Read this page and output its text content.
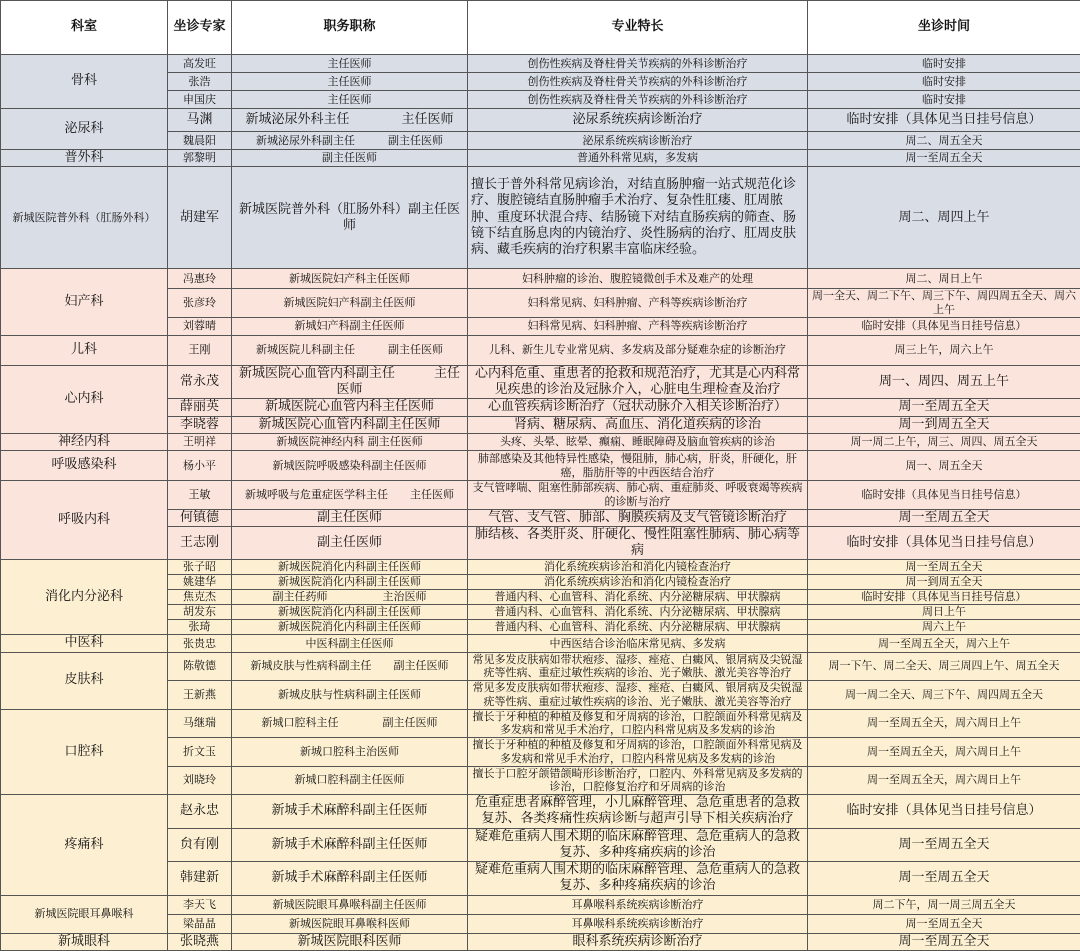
科室	坐诊专家	职务职称	专业特长	坐诊时间
骨科	高发旺	主任医师	创伤性疾病及脊柱骨关节疾病的外科诊断治疗	临时安排
	张浩	主任医师	创伤性疾病及脊柱骨关节疾病的外科诊断治疗	临时安排
	申国庆	主任医师	创伤性疾病及脊柱骨关节疾病的外科诊断治疗	临时安排
泌尿科	马渊	新城泌尿外科主任　　　　主任医师	泌尿系统疾病诊断治疗	临时安排（具体见当日挂号信息）
	魏晨阳	新城泌尿外科副主任　　　副主任医师	泌尿系统疾病诊断治疗	周二、周五全天
普外科	郭黎明	副主任医师	普通外科常见病，多发病	周一至周五全天
新城医院普外科（肛肠外科）	胡建军	新城医院普外科（肛肠外科）副主任医师	擅长于普外科常见病诊治，对结直肠肿瘤一站式规范化诊疗、腹腔镜结直肠肿瘤手术治疗、复杂性肛瘘、肛周脓肿、重度环状混合痔、结肠镜下对结直肠疾病的筛查、肠镜下结直肠息肉的内镜治疗、炎性肠病的治疗、肛周皮肤病、藏毛疾病的治疗积累丰富临床经验。	周二、周四上午
妇产科	冯惠玲	新城医院妇产科主任医师	妇科肿瘤的诊治、腹腔镜微创手术及难产的处理	周二、周日上午
	张彦玲	新城医院妇产科副主任医师	妇科常见病、妇科肿瘤、产科等疾病诊断治疗	周一全天、周二下午、周三下午、周四周五全天、周六上午
	刘蓉晴	新城妇产科副主任医师	妇科常见病、妇科肿瘤、产科等疾病诊断治疗	临时安排（具体见当日挂号信息）
儿科	王刚	新城医院儿科副主任　　　副主任医师	儿科、新生儿专业常见病、多发病及部分疑难杂症的诊断治疗	周三上午，周六上午
心内科	常永茂	新城医院心血管内科副主任　　　主任医师	心内科危重、重患者的抢救和规范治疗，尤其是心内科常见疾患的诊治及冠脉介入，心脏电生理检查及治疗	周一、周四、周五上午
	薛丽英	新城医院心血管内科主任医师	心血管疾病诊断治疗（冠状动脉介入相关诊断治疗）	周一至周五全天
	李晓蓉	新城医院心血管内科副主任医师	肾病、糖尿病、高血压、消化道疾病的诊治	周一到周五全天
神经内科	王明祥	新城医院神经内科 副主任医师	头疼、头晕、眩晕、癫痫、睡眠障碍及脑血管疾病的诊治	周一周二上午，周三、周四、周五全天
呼吸感染科	杨小平	新城医院呼吸感染科副主任医师	肺部感染及其他特异性感染，慢阻肺，肺心病，肝炎，肝硬化，肝癌，脂肪肝等的中西医结合治疗	周一、周五全天
呼吸内科	王敏	新城呼吸与危重症医学科主任　　主任医师	支气管哮喘、阻塞性肺部疾病、肺心病、重症肺炎、呼吸衰竭等疾病的诊断与治疗	临时安排（具体见当日挂号信息）
	何镇德	副主任医师	气管、支气管、肺部、胸膜疾病及支气管镜诊断治疗	周一至周五全天
	王志刚	副主任医师	肺结核、各类肝炎、肝硬化、慢性阻塞性肺病、肺心病等病	临时安排（具体见当日挂号信息）
消化内分泌科	张子昭	新城医院消化内科副主任医师	消化系统疾病诊治和消化内镜检查治疗	周一至周五全天
	姚建华	新城医院消化内科副主任医师	消化系统疾病诊治和消化内镜检查治疗	周一到周五全天
	焦克杰	副主任药师　　　　　主治医师	普通内科、心血管科、消化系统、内分泌糖尿病、甲状腺病	临时安排（具体见当日挂号信息）
	胡发东	新城医院消化内科副主任医师	普通内科、心血管科、消化系统、内分泌糖尿病、甲状腺病	周日上午
	张琦	新城医院消化内科副主任医师	普通内科、心血管科、消化系统、内分泌糖尿病、甲状腺病	周六上午
中医科	张贵忠	中医科副主任医师	中西医结合诊治临床常见病、多发病	周一至周五全天，周六上午
皮肤科	陈敬德	新城皮肤与性病科副主任　　副主任医师	常见多发皮肤病如带状疱疹、湿疹、痤疮、白癜风、银屑病及尖锐湿疣等性病、重症过敏性疾病的诊治、光子嫩肤、激光美容等治疗	周一下午、周二全天、周三周四上午、周五全天
	王新燕	新城皮肤与性病科副主任医师	常见多发皮肤病如带状疱疹、湿疹、痤疮、白癜风、银屑病及尖锐湿疣等性病、重症过敏性疾病的诊治、光子嫩肤、激光美容等治疗	周一周二全天、周三下午、周四周五全天
口腔科	马继瑞	新城口腔科主任　　　　副主任医师	擅长于牙种植的种植及修复和牙周病的诊治，口腔颌面外科常见病及多发病和常见手术治疗，口腔内科常见病及多发病的诊治	周一至周五全天，周六周日上午
	折文玉	新城口腔科主治医师	擅长于牙种植的种植及修复和牙周病的诊治，口腔颌面外科常见病及多发病和常见手术治疗，口腔内科常见病及多发病的诊治	周一至周五全天，周六周日上午
	刘晓玲	新城口腔科副主任医师	擅长于口腔牙颌错颌畸形诊断治疗，口腔内、外科常见病及多发病的诊治，口腔修复治疗和牙周病的诊治	周一至周五全天，周六周日上午
疼痛科	赵永忠	新城手术麻醉科副主任医师	危重症患者麻醉管理，小儿麻醉管理、急危重患者的急救复苏、各类疼痛性疾病诊断与超声引导下相关疾病治疗	临时安排（具体见当日挂号信息）
	贠有刚	新城手术麻醉科副主任医师	疑难危重病人围术期的临床麻醉管理、急危重病人的急救复苏、多种疼痛疾病的诊治	周一至周五全天
	韩建新	新城手术麻醉科副主任医师	疑难危重病人围术期的临床麻醉管理、急危重病人的急救复苏、多种疼痛疾病的诊治	周一至周五全天
新城医院眼耳鼻喉科	李天飞	新城医院眼耳鼻喉科副主任医师	耳鼻喉科系统疾病诊断治疗	周二下午，周一周三周五全天
	梁晶晶	新城医院眼耳鼻喉科医师	耳鼻喉科系统疾病诊断治疗	周一至周五全天
新城眼科	张晓燕	新城医院眼科医师	眼科系统疾病诊断治疗	周一至周五全天
